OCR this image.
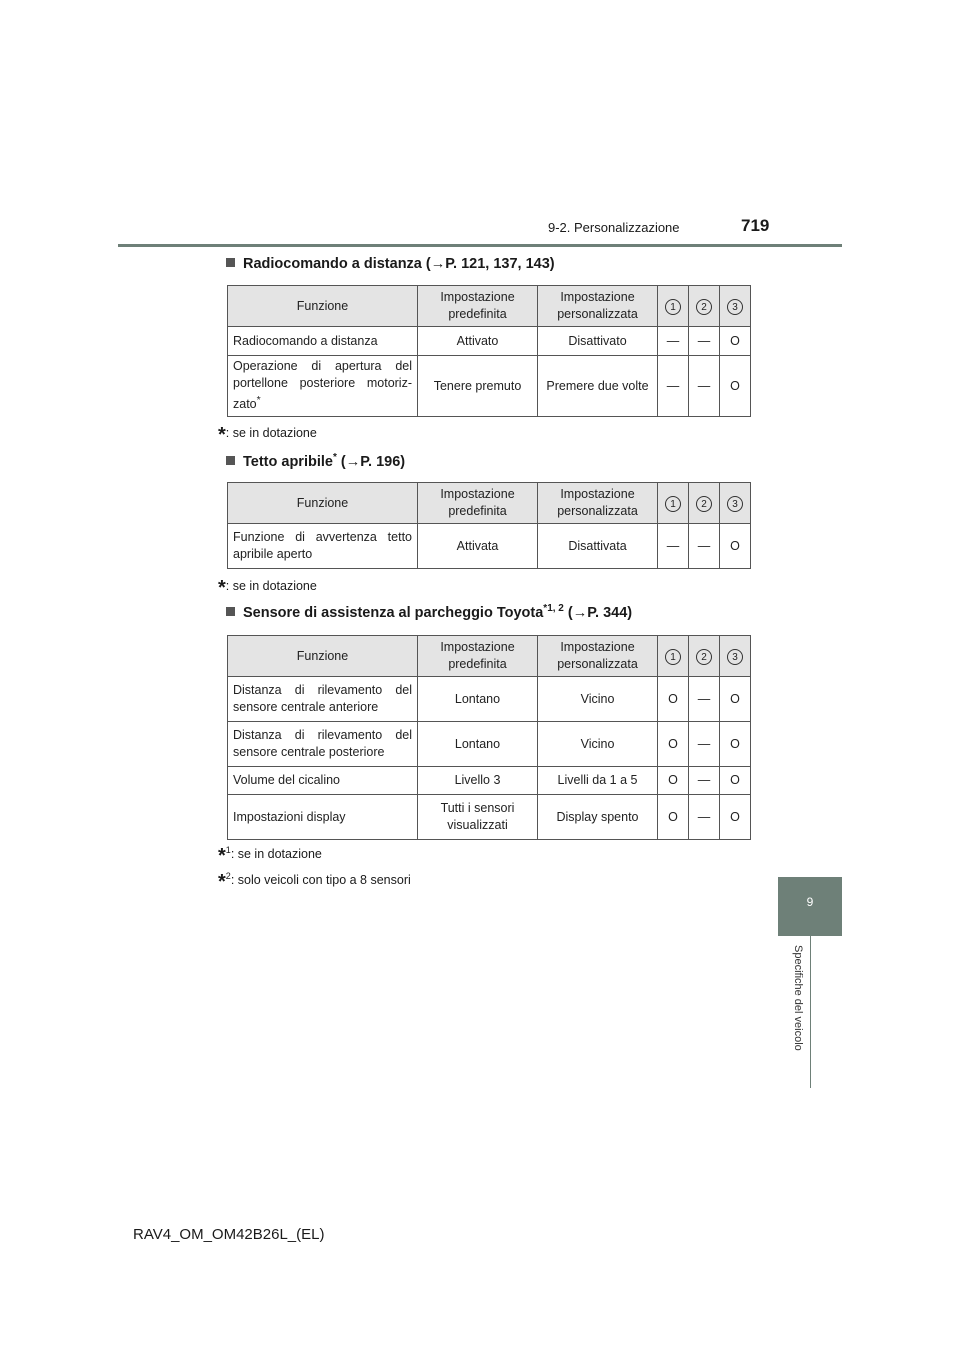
9-2. Personalizzazione	719
9
Specifiche del veicolo
Radiocomando a distanza (→P. 121, 137, 143)
Funzione	Impostazione predefinita	Impostazione personalizzata	1	2	3
Radiocomando a distanza	Attivato	Disattivato	—	—	O
Operazione di apertura del portellone posteriore motoriz- zato*	Tenere premuto	Premere due volte	—	—	O
*: se in dotazione
Tetto apribile* (→P. 196)
Funzione	Impostazione predefinita	Impostazione personalizzata	1	2	3
Funzione di avvertenza tetto apribile aperto	Attivata	Disattivata	—	—	O
*: se in dotazione
Sensore di assistenza al parcheggio Toyota$^{*1, 2}$ (→P. 344)
Funzione	Impostazione predefinita	Impostazione personalizzata	1	2	3
Distanza di rilevamento del sensore centrale anteriore	Lontano	Vicino	O	—	O
Distanza di rilevamento del sensore centrale posteriore	Lontano	Vicino	O	—	O
Volume del cicalino	Livello 3	Livelli da 1 a 5	O	—	O
Impostazioni display	Tutti i sensori visualizzati	Display spento	O	—	O
*$^1$: se in dotazione
*$^2$: solo veicoli con tipo a 8 sensori
RAV4_OM_OM42B26L_(EL)
